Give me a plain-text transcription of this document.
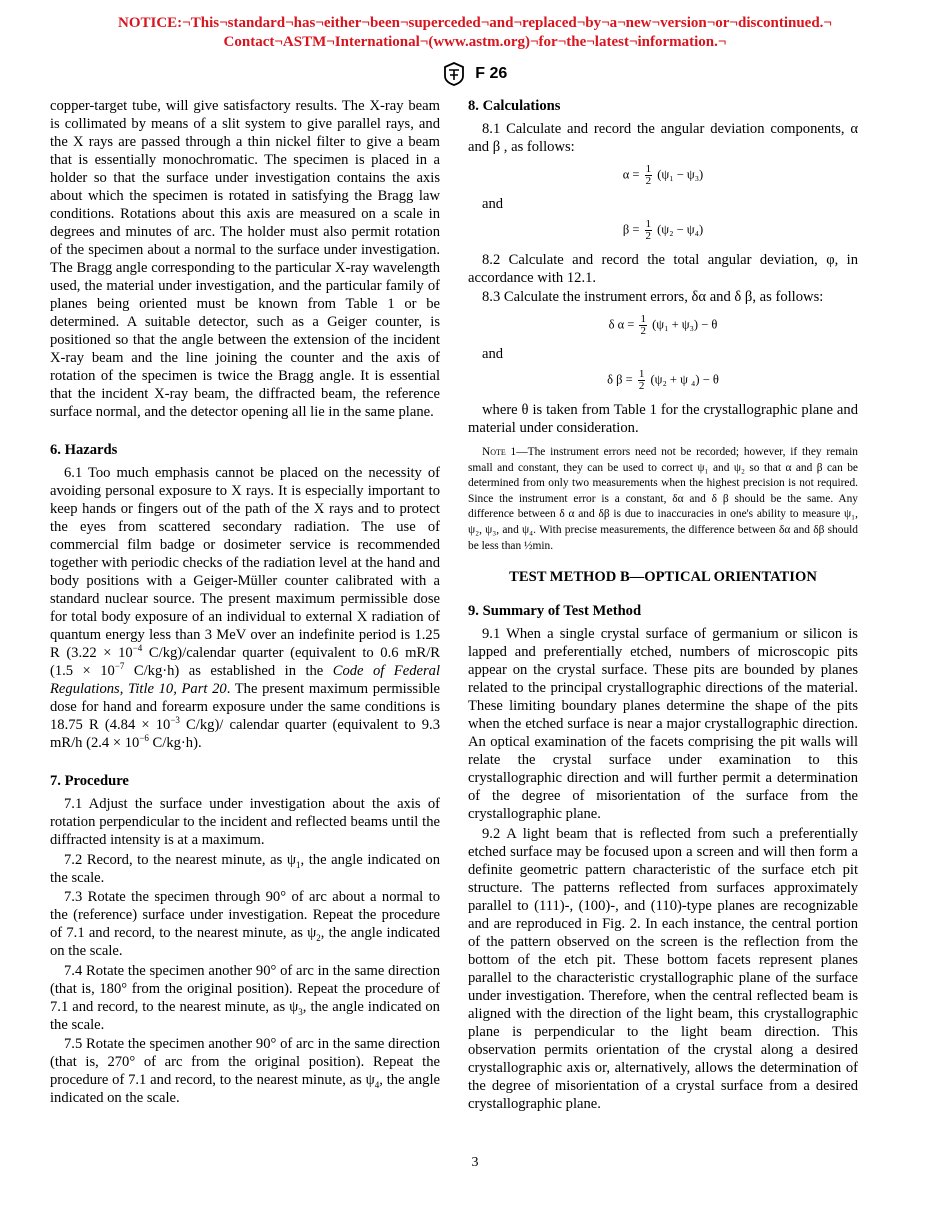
NOTICE:¬This¬standard¬has¬either¬been¬superceded¬and¬replaced¬by¬a¬new¬version¬or¬discontinued.¬
Contact¬ASTM¬International¬(www.astm.org)¬for¬the¬latest¬information.¬
F 26

copper-target tube, will give satisfactory results. The X-ray beam is collimated by means of a slit system to give parallel rays, and the X rays are passed through a thin nickel filter to give a beam that is essentially monochromatic. The specimen is placed in a holder so that the surface under investigation contains the axis about which the specimen is rotated in satisfying the Bragg law conditions. Rotations about this axis are measured on a scale in degrees and minutes of arc. The holder must also permit rotation of the specimen about a normal to the surface under investigation. The Bragg angle corresponding to the particular X-ray wavelength used, the material under investigation, and the particular family of planes being oriented must be known from Table 1 or be determined. A suitable detector, such as a Geiger counter, is positioned so that the angle between the extension of the incident X-ray beam and the line joining the counter and the axis of rotation of the specimen is twice the Bragg angle. It is essential that the incident X-ray beam, the diffracted beam, the reference surface normal, and the detector opening all lie in the same plane.

6. Hazards

6.1 Too much emphasis cannot be placed on the necessity of avoiding personal exposure to X rays. It is especially important to keep hands or fingers out of the path of the X rays and to protect the eyes from scattered secondary radiation. The use of commercial film badge or dosimeter service is recommended together with periodic checks of the radiation level at the hand and body positions with a Geiger-Müller counter calibrated with a standard nuclear source. The present maximum permissible dose for total body exposure of an individual to external X radiation of quantum energy less than 3 MeV over an indefinite period is 1.25 R ($3.22 \times 10^{-4}$ C/kg)/calendar quarter (equivalent to 0.6 mR/R ($1.5 \times 10^{-7}$ C/kg·h) as established in the Code of Federal Regulations, Title 10, Part 20. The present maximum permissible dose for hand and forearm exposure under the same conditions is 18.75 R ($4.84 \times 10^{-3}$ C/kg)/ calendar quarter (equivalent to 9.3 mR/h ($2.4 \times 10^{-6}$ C/kg·h).

7. Procedure

7.1 Adjust the surface under investigation about the axis of rotation perpendicular to the incident and reflected beams until the diffracted intensity is at a maximum.

7.2 Record, to the nearest minute, as $\psi_1$, the angle indicated on the scale.

7.3 Rotate the specimen through 90° of arc about a normal to the (reference) surface under investigation. Repeat the procedure of 7.1 and record, to the nearest minute, as $\psi_2$, the angle indicated on the scale.

7.4 Rotate the specimen another 90° of arc in the same direction (that is, 180° from the original position). Repeat the procedure of 7.1 and record, to the nearest minute, as $\psi_3$, the angle indicated on the scale.

7.5 Rotate the specimen another 90° of arc in the same direction (that is, 270° of arc from the original position). Repeat the procedure of 7.1 and record, to the nearest minute, as $\psi_4$, the angle indicated on the scale.

8. Calculations

8.1 Calculate and record the angular deviation components, α and β , as follows:

$\alpha = \frac{1}{2} (\psi_1 - \psi_3)$

and

$\beta = \frac{1}{2} (\psi_2 - \psi_4)$

8.2 Calculate and record the total angular deviation, φ, in accordance with 12.1.

8.3 Calculate the instrument errors, δα and δ β, as follows:

δ $\alpha = \frac{1}{2} (\psi_1 + \psi_3) - \theta$

and

δ $\beta = \frac{1}{2} (\psi_2 + \psi$ ₄) − θ

where θ is taken from Table 1 for the crystallographic plane and material under consideration.

Note 1—The instrument errors need not be recorded; however, if they remain small and constant, they can be used to correct ψ₁ and ψ₂ so that α and β can be determined from only two measurements when the highest precision is not required. Since the instrument error is a constant, δα and δ β should be the same. Any difference between δ α and δβ is due to inaccuracies in one's ability to measure ψ₁, ψ₂, ψ₃, and ψ₄. With precise measurements, the difference between δα and δβ should be less than ½min.

TEST METHOD B—OPTICAL ORIENTATION

9. Summary of Test Method

9.1 When a single crystal surface of germanium or silicon is lapped and preferentially etched, numbers of microscopic pits appear on the crystal surface. These pits are bounded by planes related to the principal crystallographic directions of the material. These limiting boundary planes determine the shape of the pits when the etched surface is near a major crystallographic direction. An optical examination of the facets comprising the pit walls will relate the crystal surface under examination to this crystallographic direction and will further permit a determination of the degree of misorientation of the surface from the crystallographic plane.

9.2 A light beam that is reflected from such a preferentially etched surface may be focused upon a screen and will then form a definite geometric pattern characteristic of the surface etch pit structure. The patterns reflected from surfaces approximately parallel to (111)-, (100)-, and (110)-type planes are recognizable and are reproduced in Fig. 2. In each instance, the central portion of the pattern observed on the screen is the reflection from the bottom of the etch pit. These bottom facets represent planes parallel to the characteristic crystallographic plane of the surface under investigation. Therefore, when the central reflected beam is aligned with the direction of the light beam, this crystallographic plane is perpendicular to the light beam direction. This observation permits orientation of the crystal along a desired crystallographic axis or, alternatively, allows the determination of the degree of misorientation of a crystal surface from a desired crystallographic plane.

3
